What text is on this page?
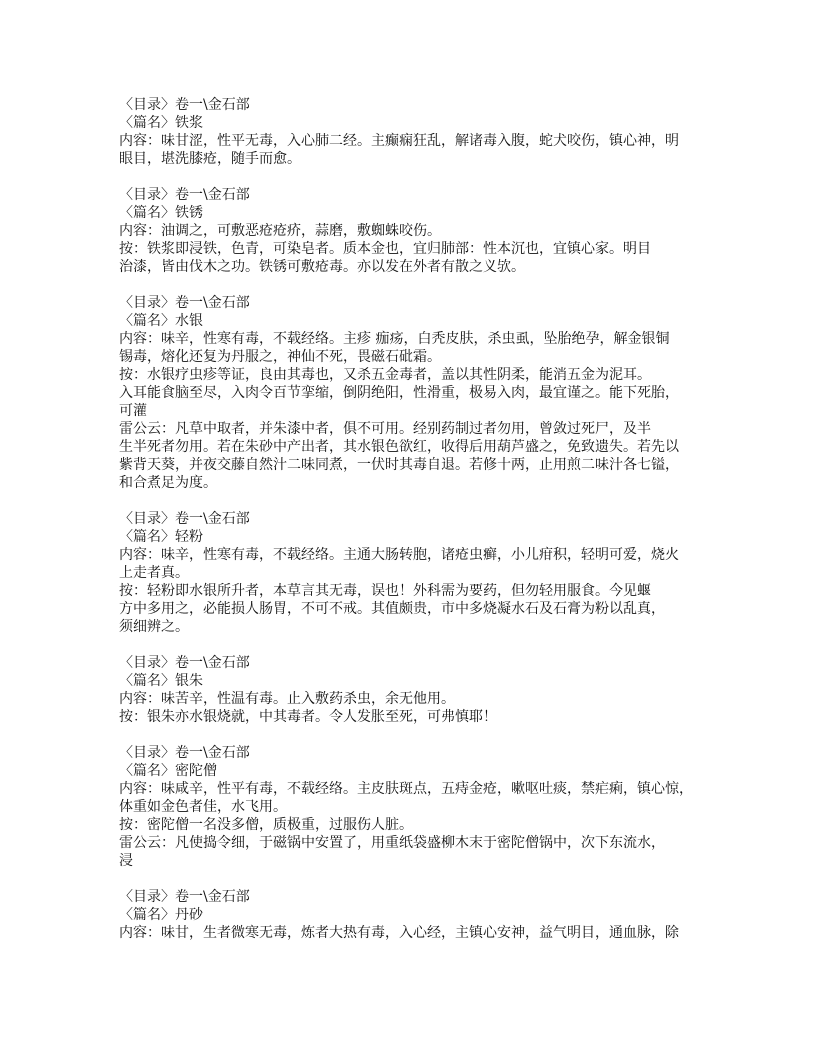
〈目录〉卷一\金石部
〈篇名〉铁浆
内容：味甘涩，性平无毒，入心肺二经。主癫痫狂乱，解诸毒入腹，蛇犬咬伤，镇心神，明
眼目，堪洗膝疮，随手而愈。
〈目录〉卷一\金石部
〈篇名〉铁锈
内容：油调之，可敷恶疮疮疥，蒜磨，敷蜘蛛咬伤。
按：铁浆即浸铁，色青，可染皂者。质本金也，宜归肺部：性本沉也，宜镇心家。明目
治漆，皆由伐木之功。铁锈可敷疮毒。亦以发在外者有散之义欤。
〈目录〉卷一\金石部
〈篇名〉水银
内容：味辛，性寒有毒，不载经络。主疹 痂疡，白秃皮肤，杀虫虱，坠胎绝孕，解金银铜
锡毒，熔化还复为丹服之，神仙不死，畏磁石砒霜。
按：水银疗虫疹等证，良由其毒也，又杀五金毒者，盖以其性阴柔，能消五金为泥耳。
入耳能食脑至尽，入肉令百节挛缩，倒阴绝阳，性滑重，极易入肉，最宜谨之。能下死胎，
可灌
雷公云：凡草中取者，并朱漆中者，俱不可用。经别药制过者勿用，曾敛过死尸，及半
生半死者勿用。若在朱砂中产出者，其水银色欲红，收得后用葫芦盛之，免致遗失。若先以
紫背天葵，并夜交藤自然汁二味同煮，一伏时其毒自退。若修十两，止用煎二味汁各七镒，
和合煮足为度。
〈目录〉卷一\金石部
〈篇名〉轻粉
内容：味辛，性寒有毒，不载经络。主通大肠转胞，诸疮虫癣，小儿疳积，轻明可爱，烧火
上走者真。
按：轻粉即水银所升者，本草言其无毒，误也！外科需为要药，但勿轻用服食。今见蝘
方中多用之，必能损人肠胃，不可不戒。其值颇贵，市中多烧凝水石及石膏为粉以乱真，
须细辨之。
〈目录〉卷一\金石部
〈篇名〉银朱
内容：味苦辛，性温有毒。止入敷药杀虫，余无他用。
按：银朱亦水银烧就，中其毒者。令人发胀至死，可弗慎耶！
〈目录〉卷一\金石部
〈篇名〉密陀僧
内容：味咸辛，性平有毒，不载经络。主皮肤斑点，五痔金疮，嗽呕吐痰，禁疟痢，镇心惊，
体重如金色者佳，水飞用。
按：密陀僧一名没多僧，质极重，过服伤人脏。
雷公云：凡使捣令细，于磁锅中安置了，用重纸袋盛柳木末于密陀僧锅中，次下东流水，
浸
〈目录〉卷一\金石部
〈篇名〉丹砂
内容：味甘，生者微寒无毒，炼者大热有毒，入心经，主镇心安神，益气明目，通血脉，除
